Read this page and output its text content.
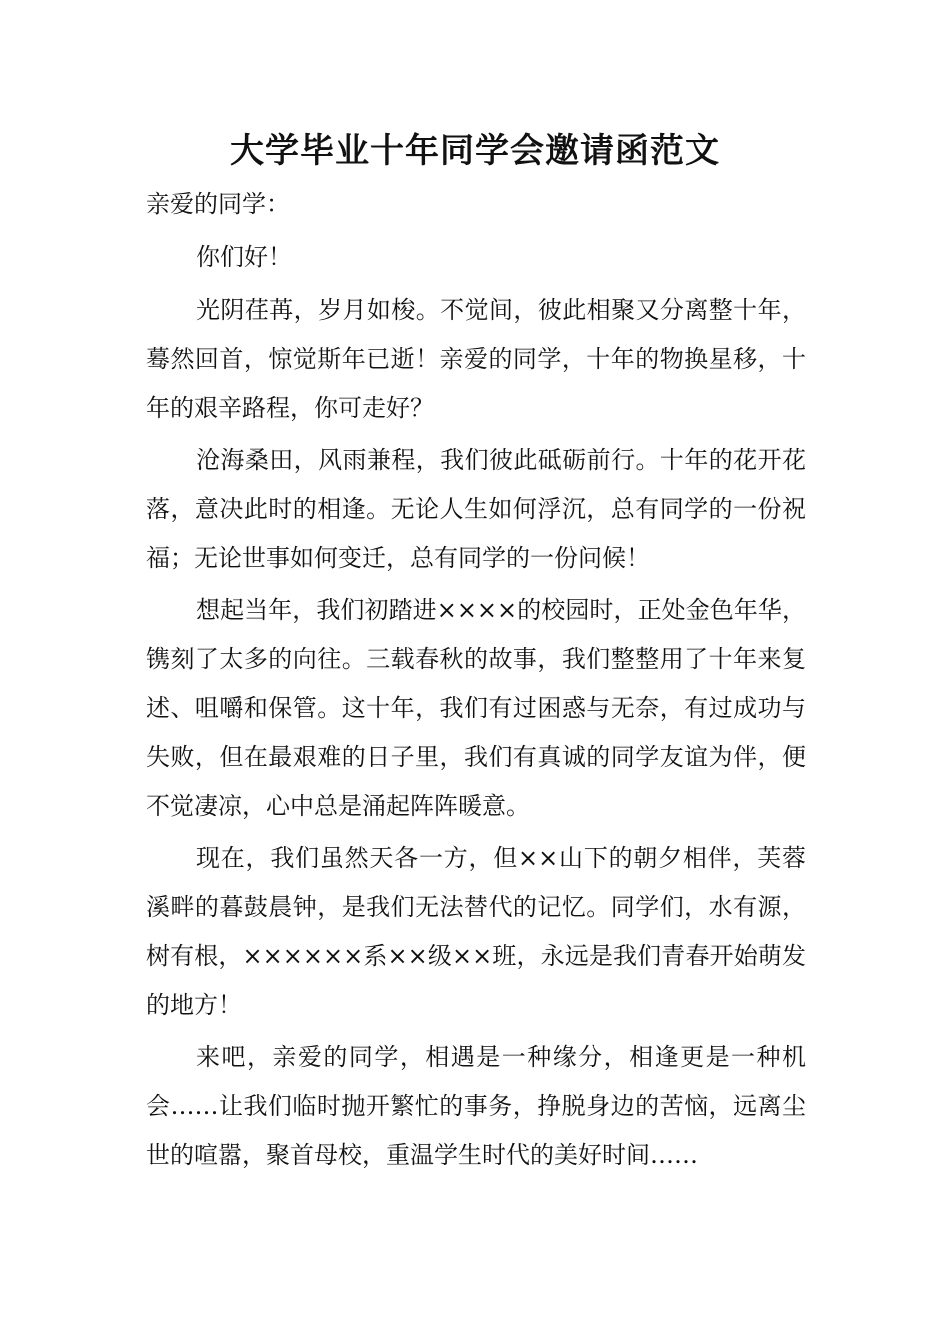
大学毕业十年同学会邀请函范文

亲爱的同学：

你们好！

光阴荏苒，岁月如梭。不觉间，彼此相聚又分离整十年，蓦然回首，惊觉斯年已逝！亲爱的同学，十年的物换星移，十年的艰辛路程，你可走好？

沧海桑田，风雨兼程，我们彼此砥砺前行。十年的花开花落，意决此时的相逢。无论人生如何浮沉，总有同学的一份祝福；无论世事如何变迁，总有同学的一份问候！

想起当年，我们初踏进××××的校园时，正处金色年华，镌刻了太多的向往。三载春秋的故事，我们整整用了十年来复述、咀嚼和保管。这十年，我们有过困惑与无奈，有过成功与失败，但在最艰难的日子里，我们有真诚的同学友谊为伴，便不觉凄凉，心中总是涌起阵阵暖意。

现在，我们虽然天各一方，但××山下的朝夕相伴，芙蓉溪畔的暮鼓晨钟，是我们无法替代的记忆。同学们，水有源，树有根，××××××系××级××班，永远是我们青春开始萌发的地方！

来吧，亲爱的同学，相遇是一种缘分，相逢更是一种机会……让我们临时抛开繁忙的事务，挣脱身边的苦恼，远离尘世的喧嚣，聚首母校，重温学生时代的美好时间……
